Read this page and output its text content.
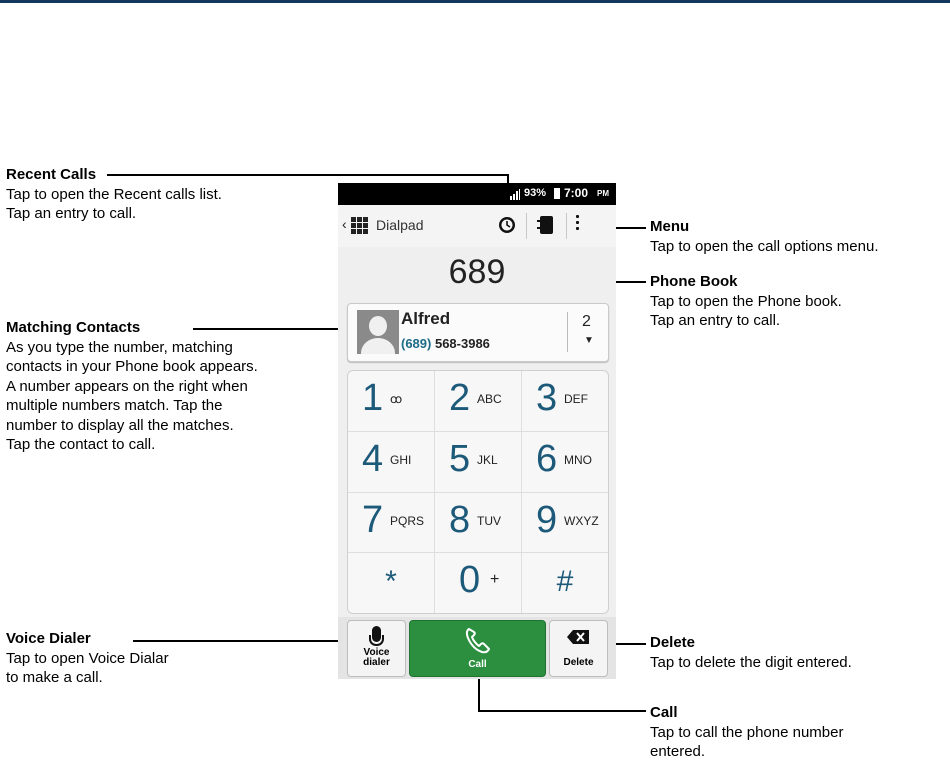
Recent Calls
Tap to open the Recent calls list.
Tap an entry to call.
Matching Contacts
As you type the number, matching
contacts in your Phone book appears.
A number appears on the right when
multiple numbers match. Tap the
number to display all the matches.
Tap the contact to call.
Voice Dialer
Tap to open Voice Dialar
to make a call.
Menu
Tap to open the call options menu.
Phone Book
Tap to open the Phone book.
Tap an entry to call.
Delete
Tap to delete the digit entered.
Call
Tap to call the phone number
entered.
93% 7:00 PM
‹ Dialpad
689
Alfred
(689) 568-3986
2
▼
1 ꝏ 2 ABC 3 DEF
4 GHI 5 JKL 6 MNO
7 PQRS 8 TUV 9 WXYZ
*	0 +	#
Voice
dialer	Call	Delete
